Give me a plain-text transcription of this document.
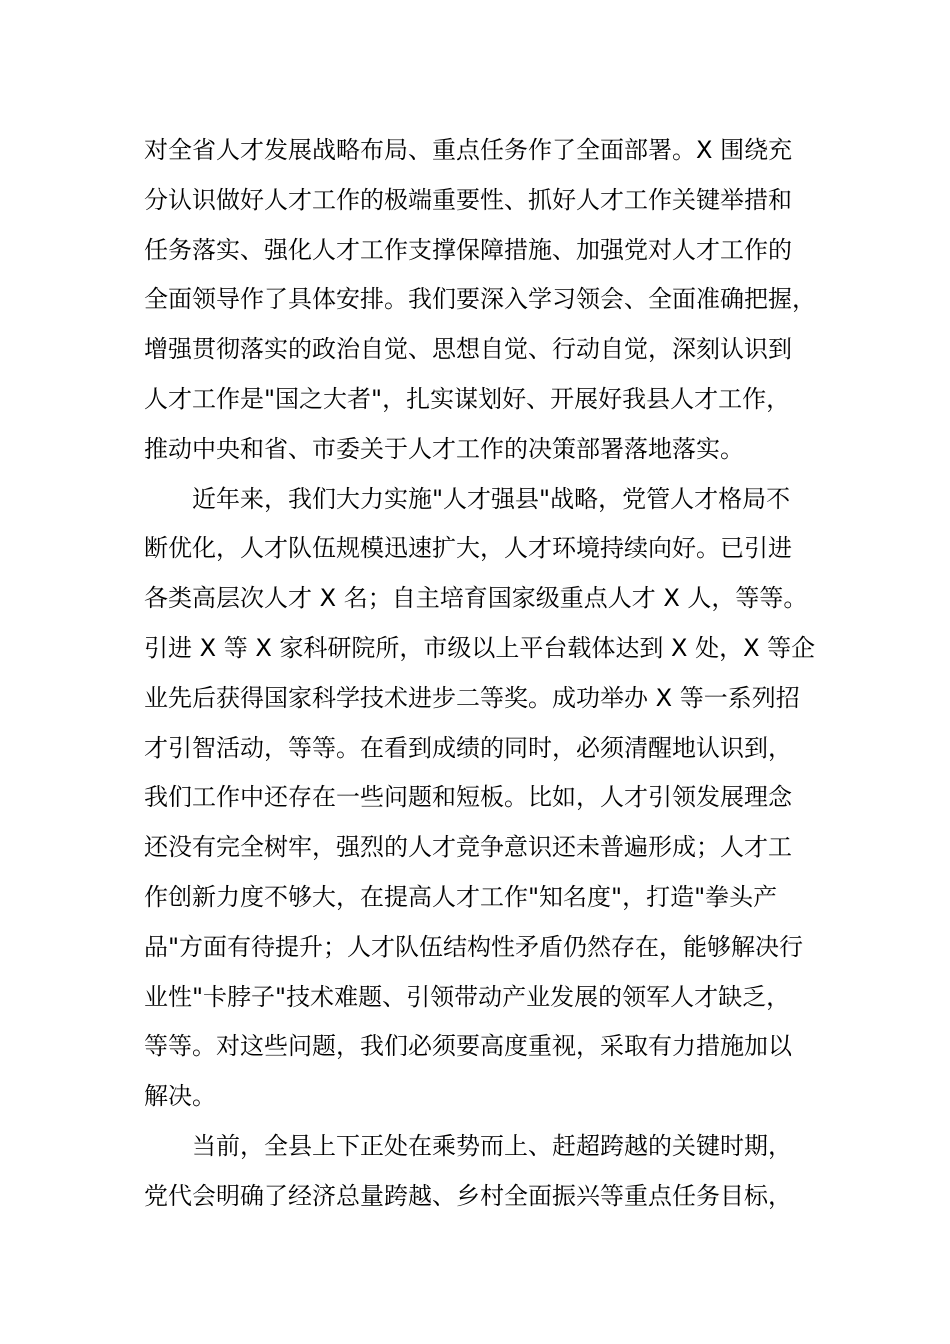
对全省人才发展战略布局、重点任务作了全面部署。X 围绕充
分认识做好人才工作的极端重要性、抓好人才工作关键举措和
任务落实、强化人才工作支撑保障措施、加强党对人才工作的
全面领导作了具体安排。我们要深入学习领会、全面准确把握，
增强贯彻落实的政治自觉、思想自觉、行动自觉，深刻认识到
人才工作是"国之大者"，扎实谋划好、开展好我县人才工作，
推动中央和省、市委关于人才工作的决策部署落地落实。

近年来，我们大力实施"人才强县"战略，党管人才格局不
断优化，人才队伍规模迅速扩大，人才环境持续向好。已引进
各类高层次人才 X 名；自主培育国家级重点人才 X 人，等等。
引进 X 等 X 家科研院所，市级以上平台载体达到 X 处，X 等企
业先后获得国家科学技术进步二等奖。成功举办 X 等一系列招
才引智活动，等等。在看到成绩的同时，必须清醒地认识到，
我们工作中还存在一些问题和短板。比如，人才引领发展理念
还没有完全树牢，强烈的人才竞争意识还未普遍形成；人才工
作创新力度不够大，在提高人才工作"知名度"，打造"拳头产
品"方面有待提升；人才队伍结构性矛盾仍然存在，能够解决行
业性"卡脖子"技术难题、引领带动产业发展的领军人才缺乏，
等等。对这些问题，我们必须要高度重视，采取有力措施加以
解决。

当前，全县上下正处在乘势而上、赶超跨越的关键时期，
党代会明确了经济总量跨越、乡村全面振兴等重点任务目标，
